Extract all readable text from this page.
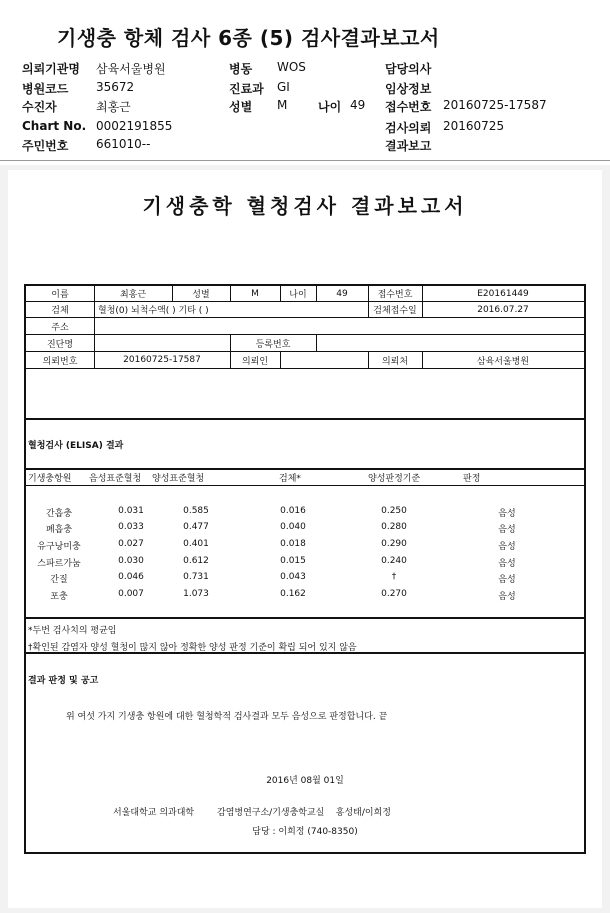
기생충 항체 검사 6종 (5) 검사결과보고서
의뢰기관명 삼육서울병원	병동 WOS	담당의사
병원코드 35672	진료과 GI	임상정보
수진자	최홍근	성별 M	나이 49 접수번호 20160725-17587
Chart No. 0002191855	검사의뢰 20160725
주민번호 661010--	결과보고
기생충학 혈청검사 결과보고서
이름	최홍근	성별	M	나이	49	접수번호	E20161449
검체	혈청(0) 뇌척수액( ) 기타 ( )	검체접수일	2016.07.27
주소
진단명	등록번호
의뢰번호	20160725-17587	의뢰인	의뢰처	삼육서울병원
혈청검사 (ELISA) 결과
기생충항원 음성표준혈청 양성표준혈청	검체*	양성판정기준	판정
간흡충	0.031	0.585	0.016	0.250	음성
폐흡충	0.033	0.477	0.040	0.280	음성
유구낭미충	0.027	0.401	0.018	0.290	음성
스파르가눔	0.030	0.612	0.015	0.240	음성
간질	0.046	0.731	0.043	†	음성
포충	0.007	1.073	0.162	0.270	음성
*두번 검사치의 평균임
†확인된 감염자 양성 혈청이 많지 않아 정확한 양성 판정 기준이 확립 되어 있지 않음
결과 판정 및 공고
위 여섯 가지 기생충 항원에 대한 혈청학적 검사결과 모두 음성으로 판정합니다. 끝
2016년 08월 01일
서울대학교 의과대학        감염병연구소/기생충학교실    홍성태/이희정
담당 : 이희정 (740-8350)
